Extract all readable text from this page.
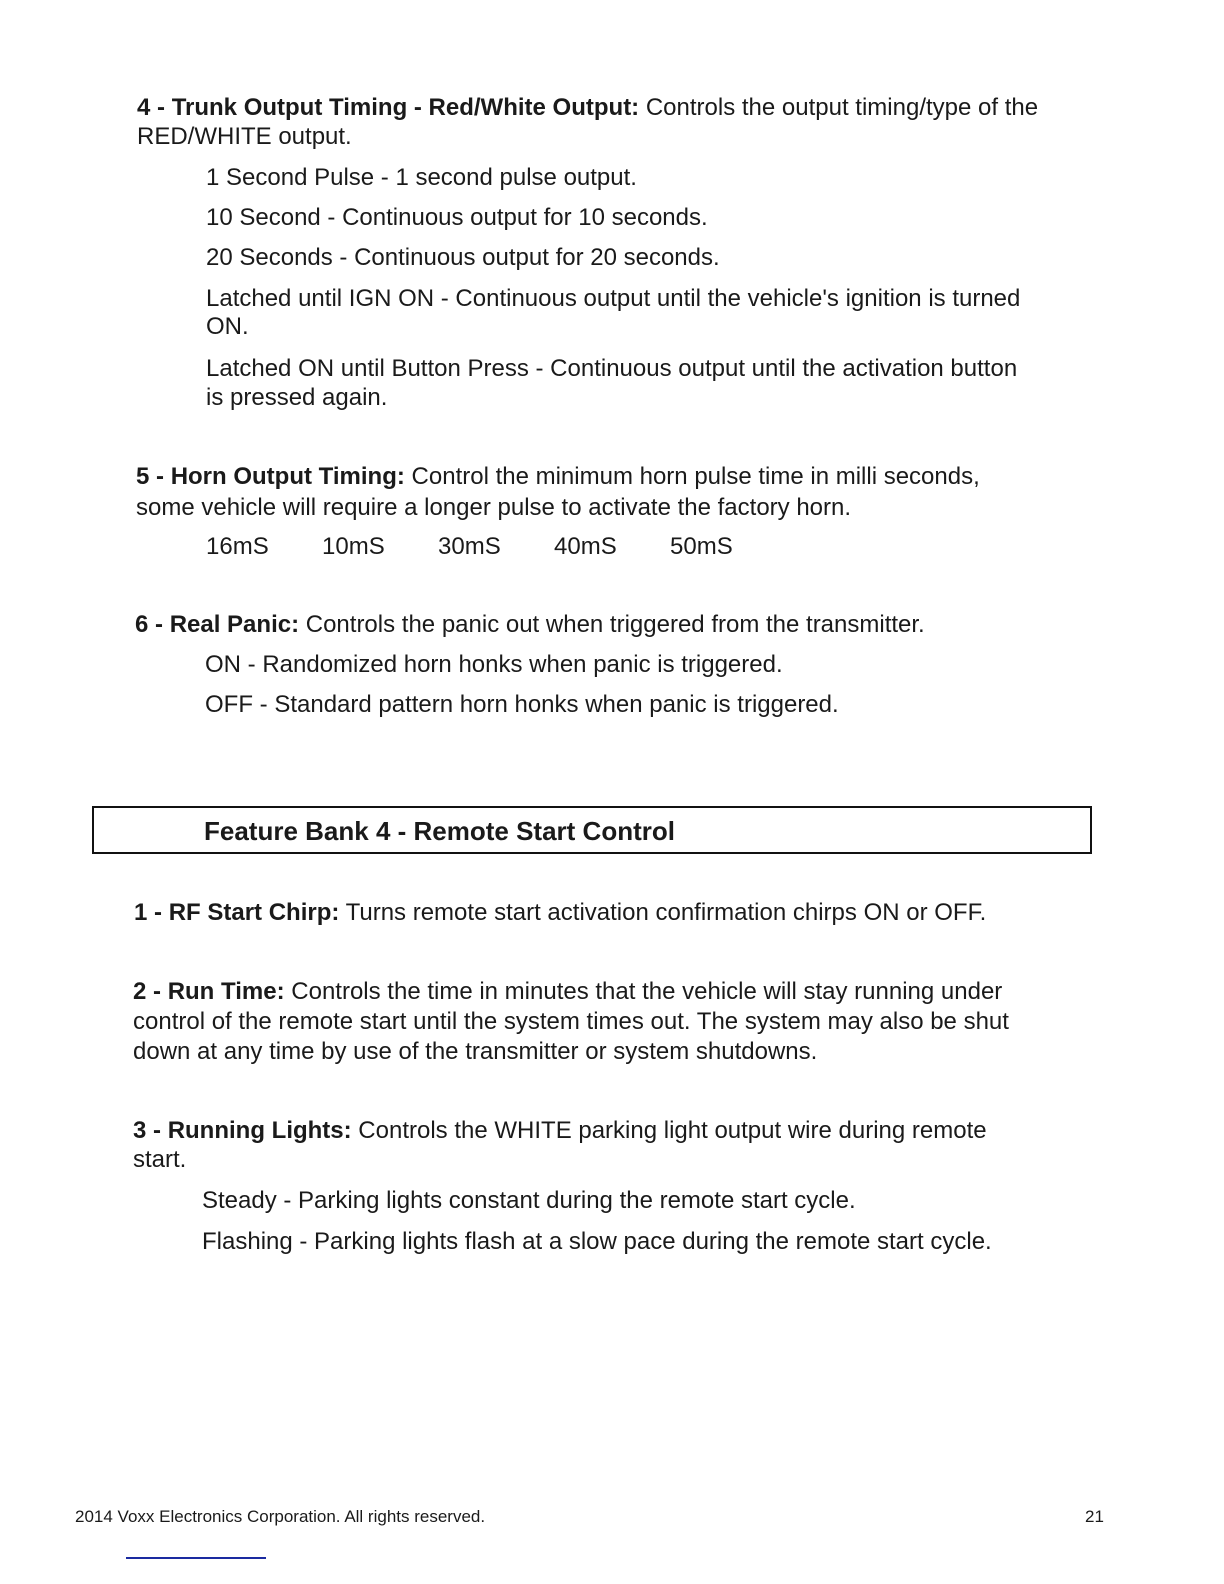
4 - Trunk Output Timing - Red/White Output: Controls the output timing/type of the
RED/WHITE output.
1 Second Pulse - 1 second pulse output.
10 Second - Continuous output for 10 seconds.
20 Seconds - Continuous output for 20 seconds.
Latched until IGN ON - Continuous output until the vehicle's ignition is turned
ON.
Latched ON until Button Press - Continuous output until the activation button
is pressed again.
5 - Horn Output Timing: Control the minimum horn pulse time in milli seconds,
some vehicle will require a longer pulse to activate the factory horn.
16mS 10mS 30mS 40mS 50mS
6 - Real Panic: Controls the panic out when triggered from the transmitter.
ON - Randomized horn honks when panic is triggered.
OFF - Standard pattern horn honks when panic is triggered.
Feature Bank 4 - Remote Start Control
1 - RF Start Chirp: Turns remote start activation confirmation chirps ON or OFF.
2 - Run Time: Controls the time in minutes that the vehicle will stay running under
control of the remote start until the system times out. The system may also be shut
down at any time by use of the transmitter or system shutdowns.
3 - Running Lights: Controls the WHITE parking light output wire during remote
start.
Steady - Parking lights constant during the remote start cycle.
Flashing - Parking lights flash at a slow pace during the remote start cycle.
2014 Voxx Electronics Corporation. All rights reserved.	21
